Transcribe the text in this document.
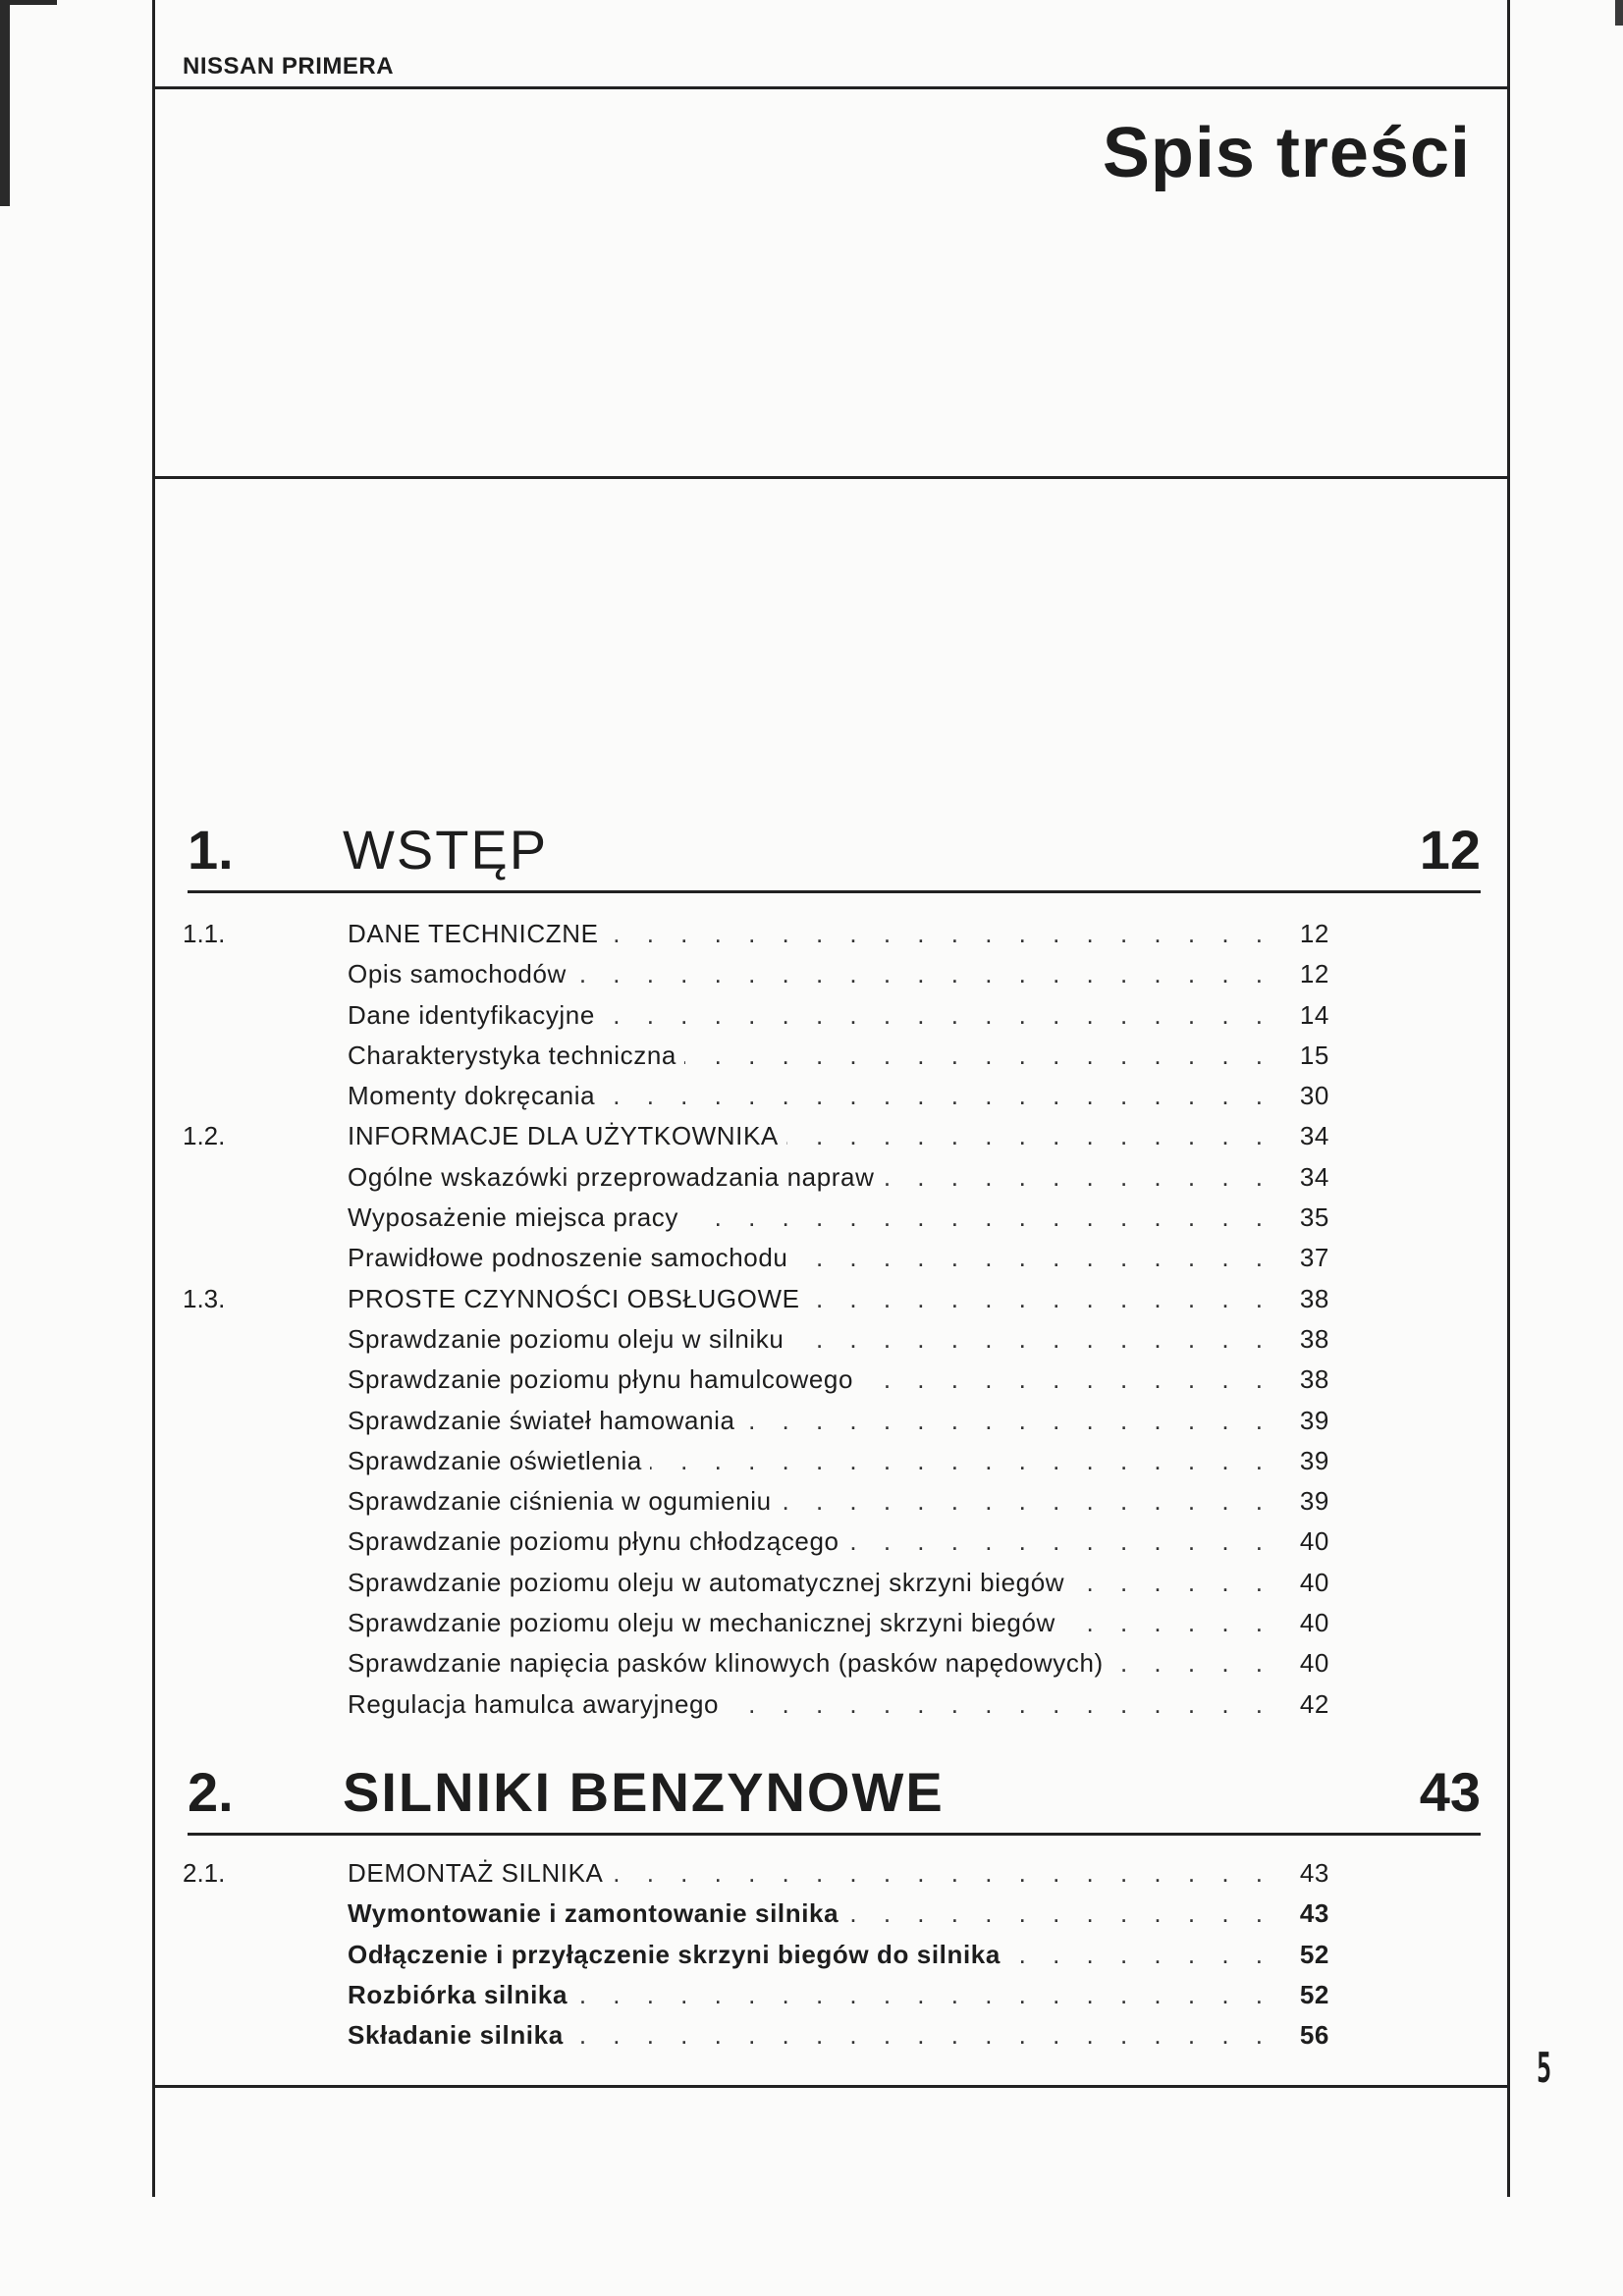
NISSAN PRIMERA
Spis treści
1. WSTĘP	12
1.1.	DANE TECHNICZNE . . .	12
Opis samochodów . . .	12
Dane identyfikacyjne . . .	14
Charakterystyka techniczna . . .	15
Momenty dokręcania . . .	30
1.2.	INFORMACJE DLA UŻYTKOWNIKA . . .	34
Ogólne wskazówki przeprowadzania napraw . . .	34
Wyposażenie miejsca pracy . . .	35
Prawidłowe podnoszenie samochodu . . .	37
1.3.	PROSTE CZYNNOŚCI OBSŁUGOWE . . .	38
Sprawdzanie poziomu oleju w silniku . . .	38
Sprawdzanie poziomu płynu hamulcowego . . .	38
Sprawdzanie świateł hamowania . . .	39
Sprawdzanie oświetlenia . . .	39
Sprawdzanie ciśnienia w ogumieniu . . .	39
Sprawdzanie poziomu płynu chłodzącego . . .	40
Sprawdzanie poziomu oleju w automatycznej skrzyni biegów . . .	40
Sprawdzanie poziomu oleju w mechanicznej skrzyni biegów . . .	40
Sprawdzanie napięcia pasków klinowych (pasków napędowych) . . .	40
Regulacja hamulca awaryjnego . . .	42
2. SILNIKI BENZYNOWE	43
2.1.	DEMONTAŻ SILNIKA . . .	43
Wymontowanie i zamontowanie silnika . . .	43
Odłączenie i przyłączenie skrzyni biegów do silnika . . .	52
Rozbiórka silnika . . .	52
Składanie silnika . . .	56
5
